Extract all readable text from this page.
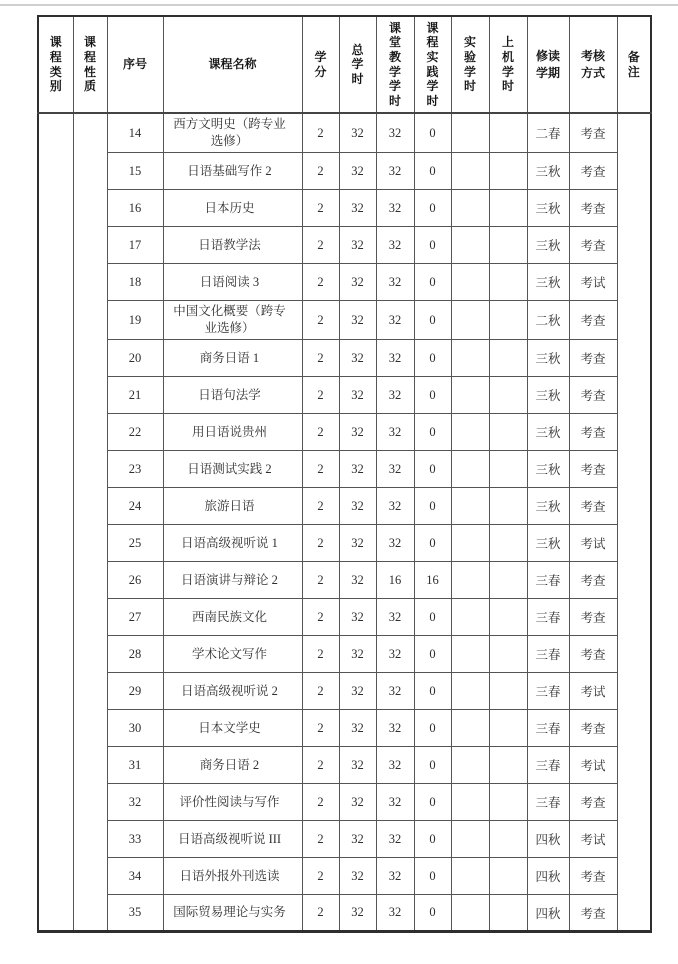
课程类别	课程性质	序号	课程名称	学分	总学时	课堂教学学时	课程实践学时	实验学时	上机学时	修读学期	考核方式	备注
		14	西方文明史（跨专业选修）	2	32	32	0			二春	考查	
		15	日语基础写作 2	2	32	32	0			三秋	考查	
		16	日本历史	2	32	32	0			三秋	考查	
		17	日语教学法	2	32	32	0			三秋	考查	
		18	日语阅读 3	2	32	32	0			三秋	考试	
		19	中国文化概要（跨专业选修）	2	32	32	0			二秋	考查	
		20	商务日语 1	2	32	32	0			三秋	考查	
		21	日语句法学	2	32	32	0			三秋	考查	
		22	用日语说贵州	2	32	32	0			三秋	考查	
		23	日语测试实践 2	2	32	32	0			三秋	考查	
		24	旅游日语	2	32	32	0			三秋	考查	
		25	日语高级视听说 1	2	32	32	0			三秋	考试	
		26	日语演讲与辩论 2	2	32	16	16			三春	考查	
		27	西南民族文化	2	32	32	0			三春	考查	
		28	学术论文写作	2	32	32	0			三春	考查	
		29	日语高级视听说 2	2	32	32	0			三春	考试	
		30	日本文学史	2	32	32	0			三春	考查	
		31	商务日语 2	2	32	32	0			三春	考试	
		32	评价性阅读与写作	2	32	32	0			三春	考查	
		33	日语高级视听说 III	2	32	32	0			四秋	考试	
		34	日语外报外刊选读	2	32	32	0			四秋	考查	
		35	国际贸易理论与实务	2	32	32	0			四秋	考查	
